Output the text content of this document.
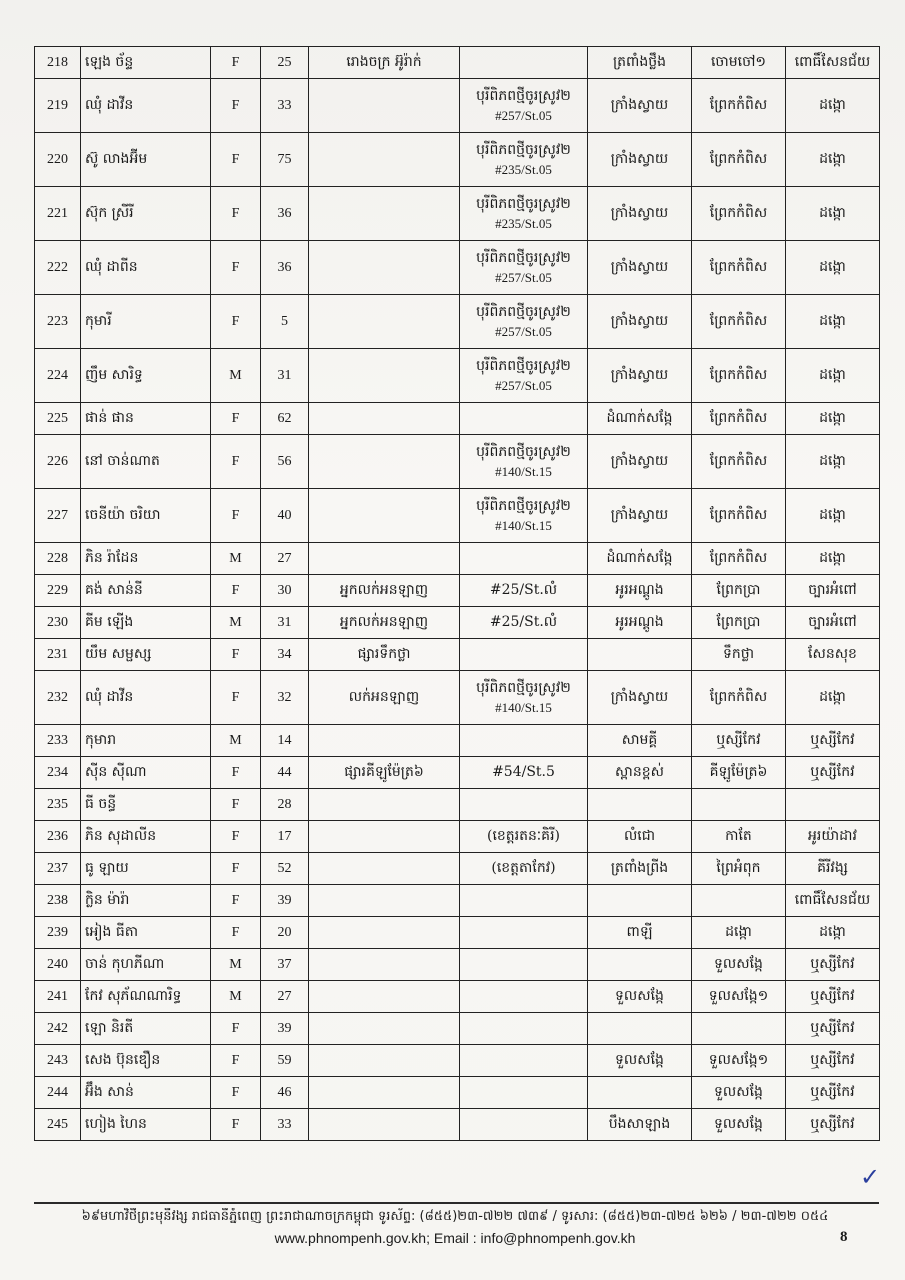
218	ឡេង ច័ន្ទ	F	25	រោងចក្រ អ៊ូរ៉ាក់		ត្រពាំងថ្លឹង	ចោមចៅ១	ពោធិ៍សែនជ័យ
219	ឈុំ ដាវីន	F	33		បុរីពិភពថ្មីចូរស្រូវ២
#257/St.05	ក្រាំងស្វាយ	ព្រែកកំពិស	ដង្កោ
220	ស៊ូ លាងអ៊ីម	F	75		បុរីពិភពថ្មីចូរស្រូវ២
#235/St.05	ក្រាំងស្វាយ	ព្រែកកំពិស	ដង្កោ
221	ស៊ុក ស្រីរី	F	36		បុរីពិភពថ្មីចូរស្រូវ២
#235/St.05	ក្រាំងស្វាយ	ព្រែកកំពិស	ដង្កោ
222	ឈុំ ដាពីន	F	36		បុរីពិភពថ្មីចូរស្រូវ២
#257/St.05	ក្រាំងស្វាយ	ព្រែកកំពិស	ដង្កោ
223	កុមារី	F	5		បុរីពិភពថ្មីចូរស្រូវ២
#257/St.05	ក្រាំងស្វាយ	ព្រែកកំពិស	ដង្កោ
224	ញឹម សារិទ្ធ	M	31		បុរីពិភពថ្មីចូរស្រូវ២
#257/St.05	ក្រាំងស្វាយ	ព្រែកកំពិស	ដង្កោ
225	ផាន់ ផាន	F	62			ដំណាក់សង្កែ	ព្រែកកំពិស	ដង្កោ
226	នៅ ចាន់ណាត	F	56		បុរីពិភពថ្មីចូរស្រូវ២
#140/St.15	ក្រាំងស្វាយ	ព្រែកកំពិស	ដង្កោ
227	ចេនីយ៉ា ចរិយា	F	40		បុរីពិភពថ្មីចូរស្រូវ២
#140/St.15	ក្រាំងស្វាយ	ព្រែកកំពិស	ដង្កោ
228	ភិន រ៉ាដែន	M	27			ដំណាក់សង្កែ	ព្រែកកំពិស	ដង្កោ
229	គង់ សាន់នី	F	30	អ្នកលក់អនឡាញ	#25/St.លំ	អូរអណ្តូង	ព្រែកប្រា	ច្បារអំពៅ
230	គីម ឡើង	M	31	អ្នកលក់អនឡាញ	#25/St.លំ	អូរអណ្តូង	ព្រែកប្រា	ច្បារអំពៅ
231	យឹម សម្ផស្ស	F	34	ផ្សារទឹកថ្លា			ទឹកថ្លា	សែនសុខ
232	ឈុំ ដាវីន	F	32	លក់អនឡាញ	បុរីពិភពថ្មីចូរស្រូវ២
#140/St.15	ក្រាំងស្វាយ	ព្រែកកំពិស	ដង្កោ
233	កុមារា	M	14			សាមគ្គី	ឬស្សីកែវ	ឬស្សីកែវ
234	ស៊ីន ស៊ីណា	F	44	ផ្សារគីឡូម៉ែត្រ៦	#54/St.5	ស្ពានខ្ពស់	គីឡូម៉ែត្រ៦	ឬស្សីកែវ
235	ធី ចន្ធី	F	28		

236	ភិន សុដាលីន	F	17		(ខេត្តរតនៈគិរី)	លំជោ	កាតែ	អូរយ៉ាដាវ
237	ធូ ឡាយ	F	52		(ខេត្តតាកែវ)	ត្រពាំងព្រីង	ព្រៃអំពុក	គីរីវង្ស
238	ក្លិន ម៉ារ៉ា	F	39					ពោធិ៍សែនជ័យ
239	អៀង ធីតា	F	20			ពាឡី	ដង្កោ	ដង្កោ
240	ចាន់ កុហភីណា	M	37				ទួលសង្កែ	ឬស្សីកែវ
241	កែវ សុភ័ណណារិទ្ធ	M	27			ទួលសង្កែ	ទួលសង្កែ១	ឬស្សីកែវ
242	ឡោ និរតី	F	39					ឬស្សីកែវ
243	សេង ប៊ុនឌឿន	F	59			ទួលសង្កែ	ទួលសង្កែ១	ឬស្សីកែវ
244	អ៊ឹង សាន់	F	46				ទួលសង្កែ	ឬស្សីកែវ
245	ហៀង ហៃន	F	33			បឹងសាឡាង	ទួលសង្កែ	ឬស្សីកែវ
✓
៦៩មហាវិថីព្រះមុនីវង្ស រាជធានីភ្នំពេញ ព្រះរាជាណាចក្រកម្ពុជា ទូរស័ព្ទ: (៨៥៥)២៣-៧២២ ៧៣៩ / ទូរសារ: (៨៥៥)២៣-៧២៥ ៦២៦ / ២៣-៧២២ ០៥៤
www.phnompenh.gov.kh; Email : info@phnompenh.gov.kh	8
